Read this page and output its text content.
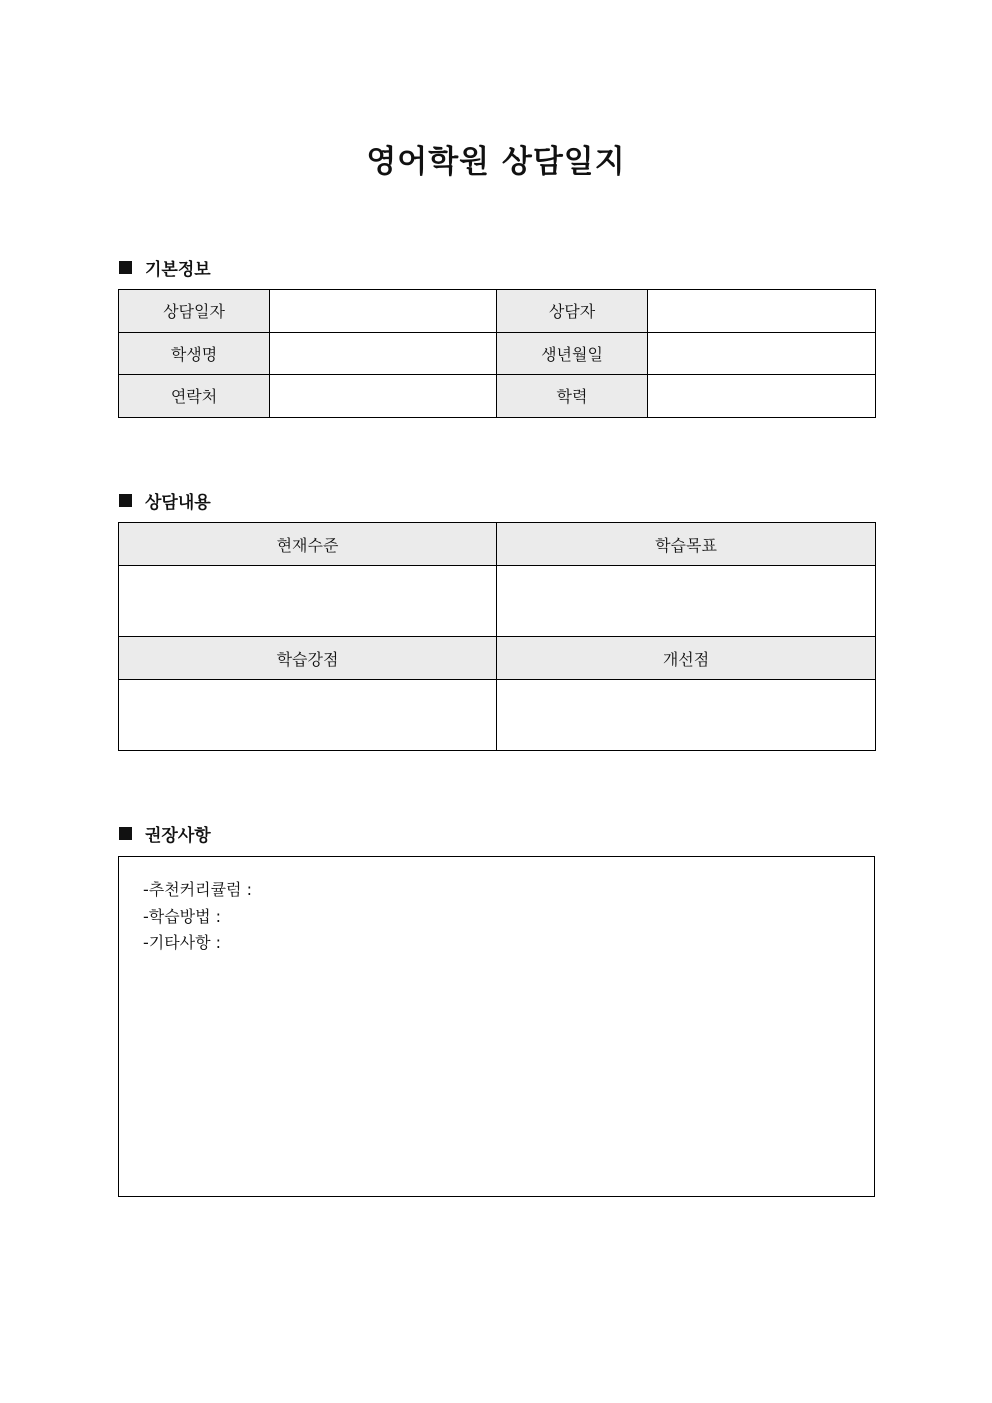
영어학원 상담일지
기본정보
상담일자		상담자	
학생명		생년월일	
연락처		학력	
상담내용
현재수준	학습목표

학습강점	개선점

권장사항
-추천커리큘럼 :
-학습방법 :
-기타사항 :
